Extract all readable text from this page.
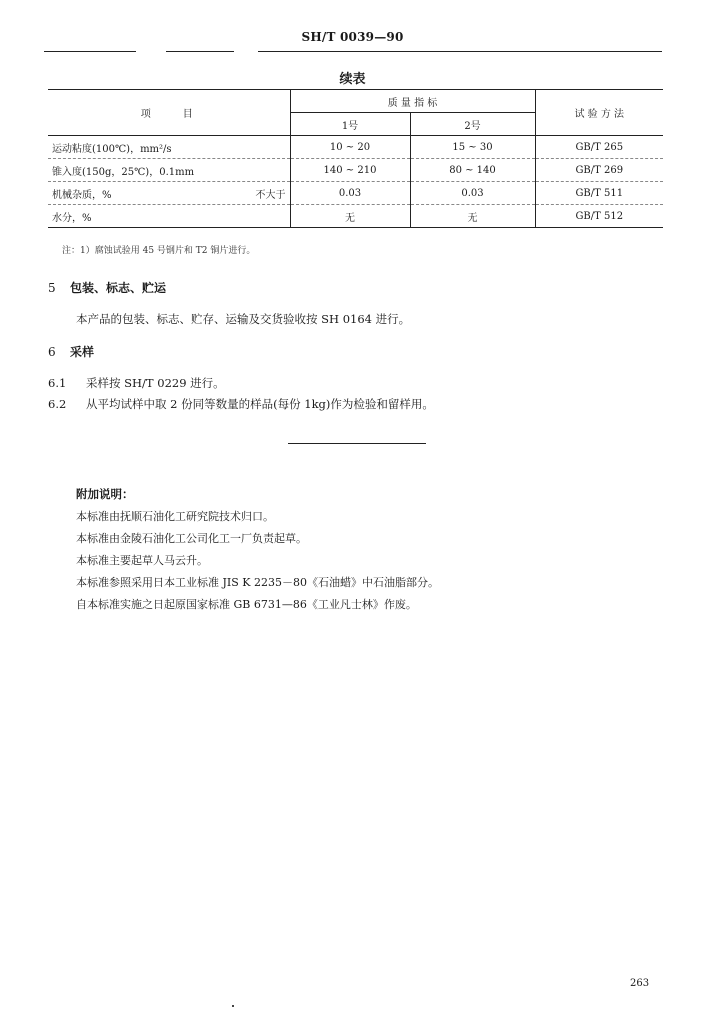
SH/T 0039—90
续表
项　　目	质 量 指 标		试 验 方 法
	1号	2号	

运动粘度(100℃)，mm²/s	10 ~ 20	15 ~ 30	GB/T 265

锥入度(150g，25℃)，0.1mm	140 ~ 210	80 ~ 140	GB/T 269

机械杂质，% 不大于	0.03	0.03	GB/T 511

水分，%	无	无	GB/T 512
注：1）腐蚀试验用 45 号钢片和 T2 铜片进行。
5 包装、标志、贮运
本产品的包装、标志、贮存、运输及交货验收按 SH 0164 进行。
6 采样
6.1 采样按 SH/T 0229 进行。
6.2 从平均试样中取 2 份同等数量的样品(每份 1kg)作为检验和留样用。
附加说明：
本标准由抚顺石油化工研究院技术归口。
本标准由金陵石油化工公司化工一厂负责起草。
本标准主要起草人马云升。
本标准参照采用日本工业标准 JIS K 2235－80《石油蜡》中石油脂部分。
自本标准实施之日起原国家标准 GB 6731—86《工业凡士林》作废。
263
